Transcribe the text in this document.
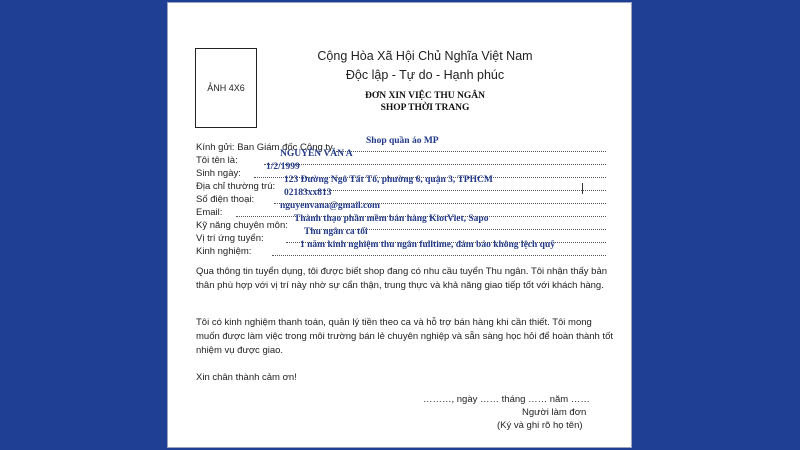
ẢNH 4X6
Cộng Hòa Xã Hội Chủ Nghĩa Việt Nam
Độc lập - Tự do - Hạnh phúc
ĐƠN XIN VIỆC THU NGÂN
SHOP THỜI TRANG
Kính gửi: Ban Giám đốc Công ty
Shop quần áo MP
Tôi tên là:
NGUYỄN VĂN A
Sinh ngày:
1/2/1999
Địa chỉ thường trú:
123 Đường Ngô Tất Tố, phường 6, quận 3, TPHCM
Số điện thoại:
02183xx813
Email:
nguyenvana@gmail.com
Kỹ năng chuyên môn:
Thành thạo phần mềm bán hàng KiotViet, Sapo
Vị trí ứng tuyển:
Thu ngân ca tối
Kinh nghiệm:
1 năm kinh nghiệm thu ngân fulltime, đảm bảo không lệch quỹ
Qua thông tin tuyển dụng, tôi được biết shop đang có nhu cầu tuyển Thu ngân. Tôi nhận thấy bản thân phù hợp với vị trí này nhờ sự cẩn thận, trung thực và khả năng giao tiếp tốt với khách hàng.
Tôi có kinh nghiệm thanh toán, quản lý tiền theo ca và hỗ trợ bán hàng khi cần thiết. Tôi mong muốn được làm việc trong môi trường bán lẻ chuyên nghiệp và sẵn sàng học hỏi để hoàn thành tốt nhiệm vụ được giao.
Xin chân thành cảm ơn!
………, ngày …… tháng …… năm ……
Người làm đơn
(Ký và ghi rõ họ tên)
